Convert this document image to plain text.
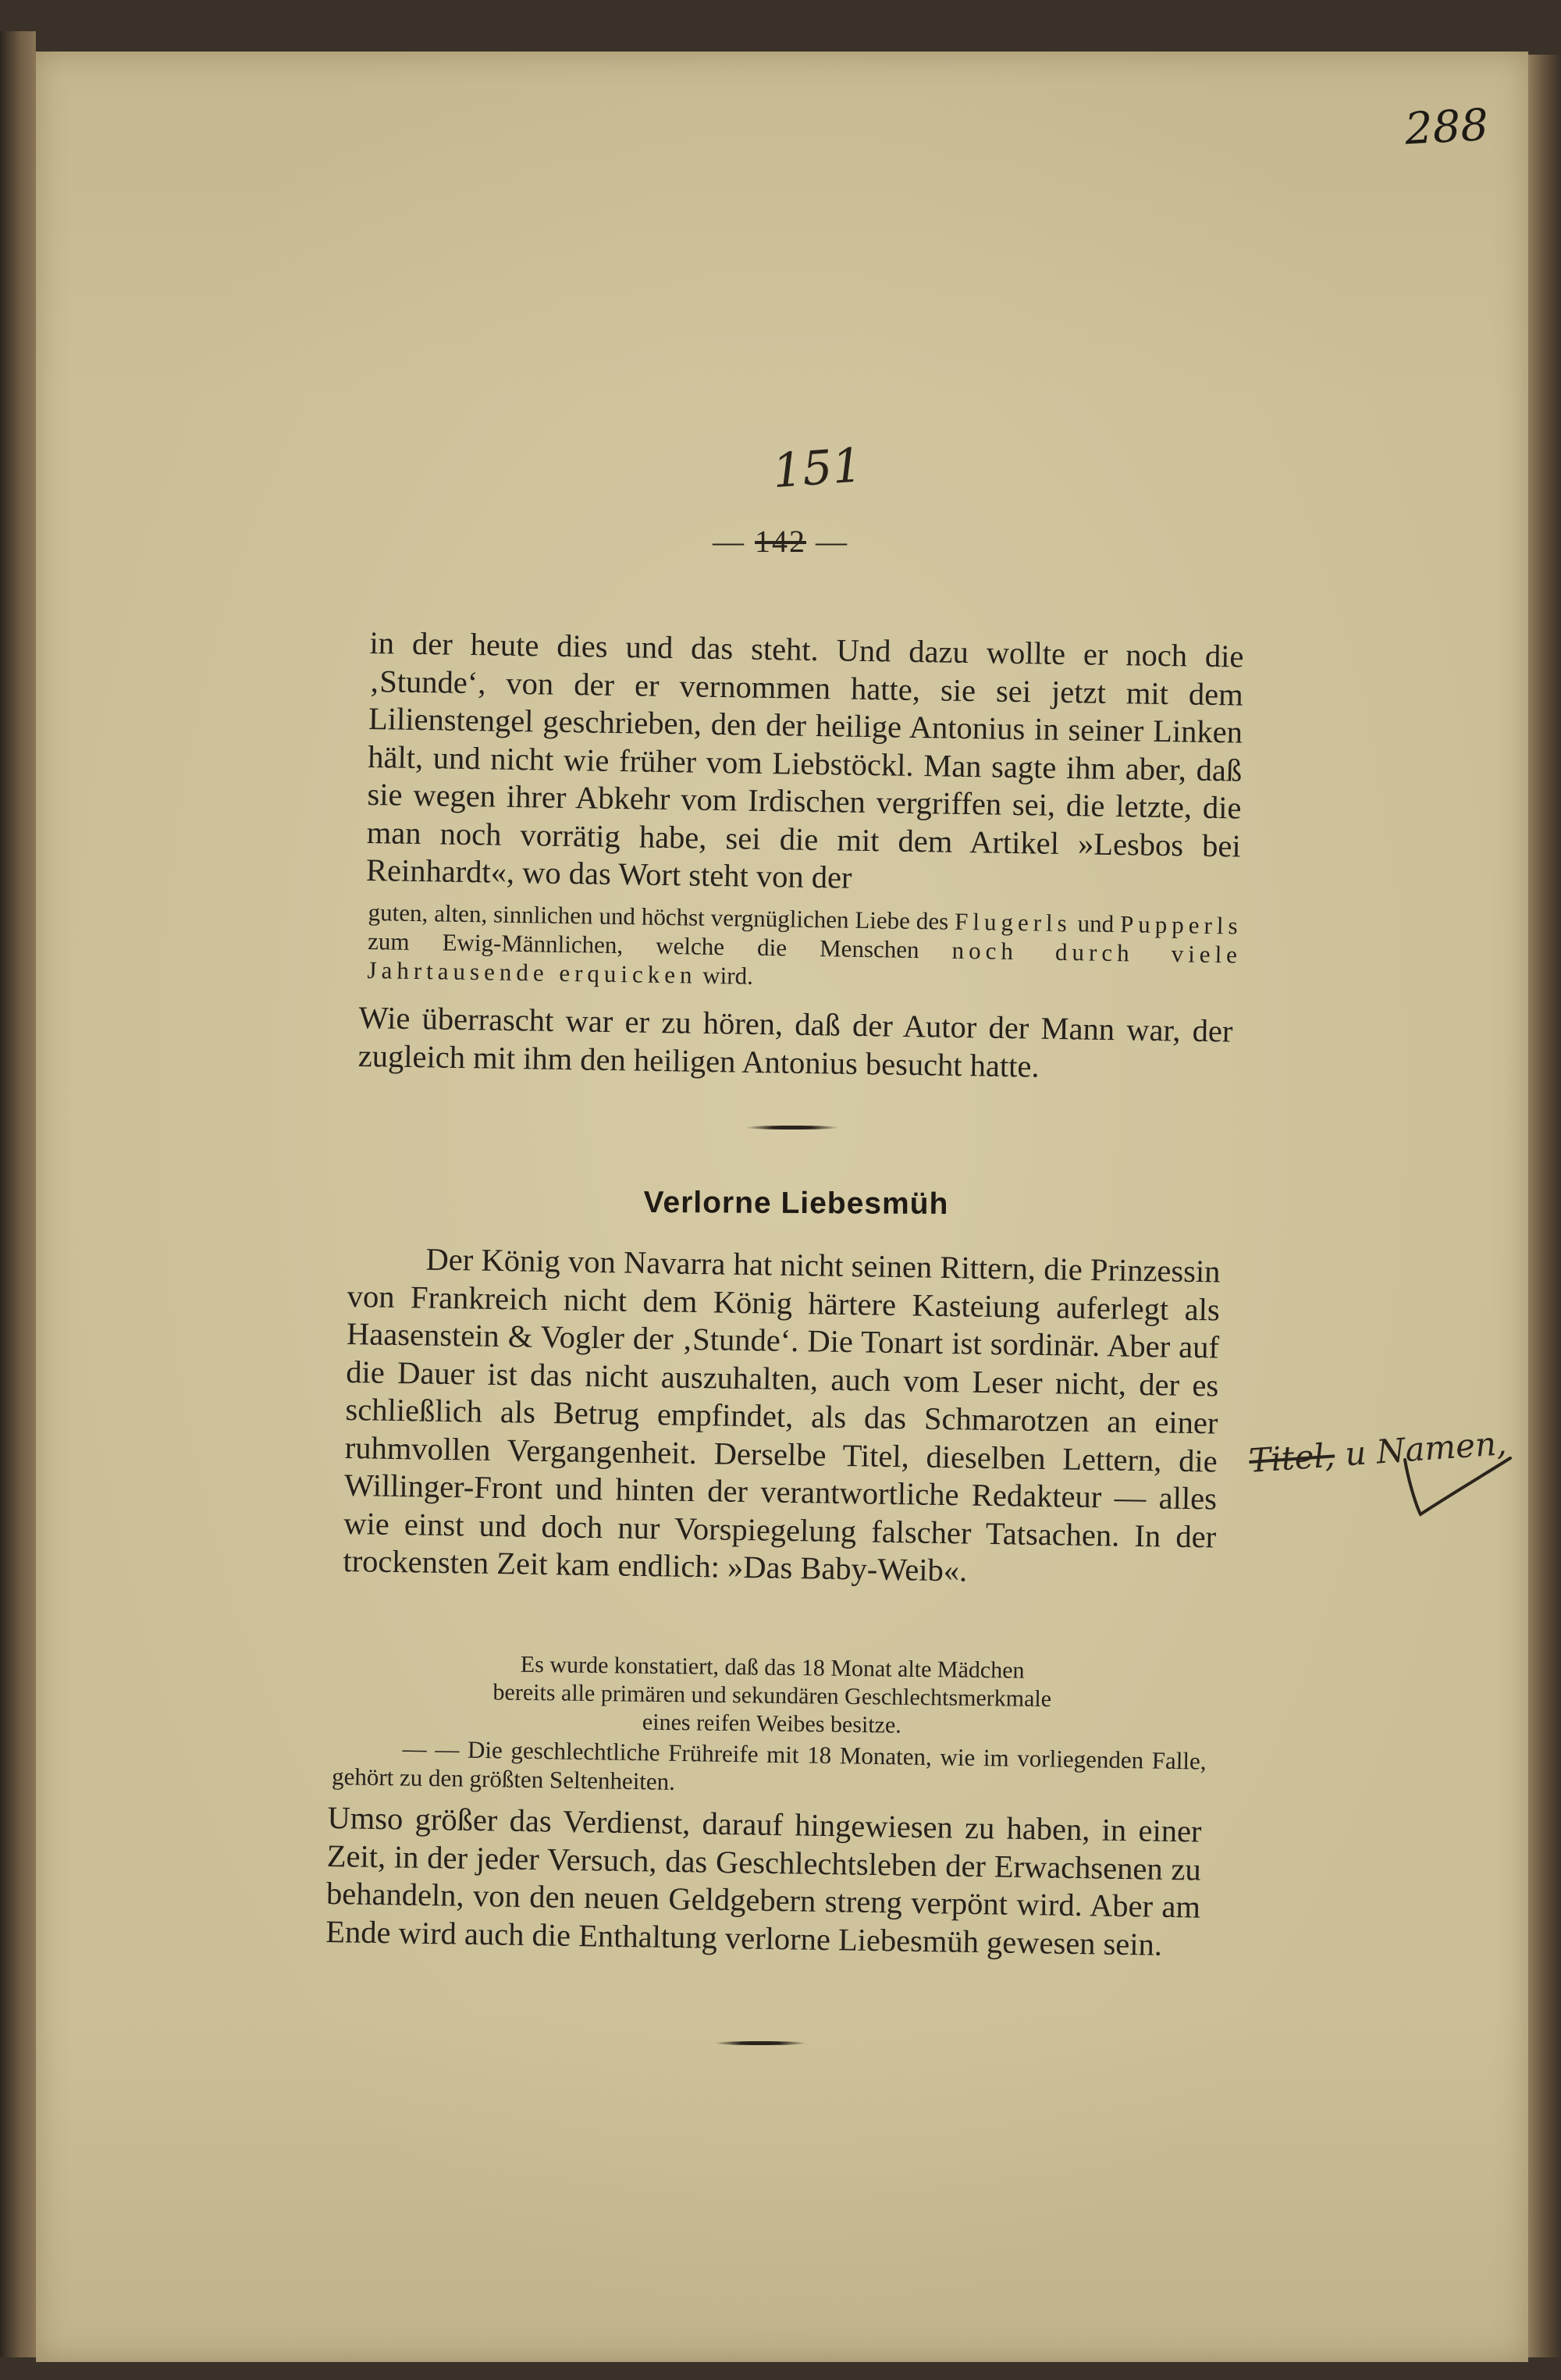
288
151
— 142 —
in der heute dies und das steht. Und dazu wollte er noch die ‚Stunde‘, von der er vernommen hatte, sie sei jetzt mit dem Lilienstengel geschrieben, den der heilige Antonius in seiner Linken hält, und nicht wie früher vom Liebstöckl. Man sagte ihm aber, daß sie wegen ihrer Abkehr vom Irdischen vergriffen sei, die letzte, die man noch vorrätig habe, sei die mit dem Artikel »Lesbos bei Reinhardt«, wo das Wort steht von der
guten, alten, sinnlichen und höchst vergnüglichen Liebe des Flugerls und Pupperls zum Ewig-Männlichen, welche die Menschen noch durch viele Jahrtausende erquicken wird.
Wie überrascht war er zu hören, daß der Autor der Mann war, der zugleich mit ihm den heiligen Antonius besucht hatte.
Verlorne Liebesmüh
Der König von Navarra hat nicht seinen Rittern, die Prinzessin von Frankreich nicht dem König härtere Kasteiung auferlegt als Haasenstein & Vogler der ‚Stunde‘. Die Tonart ist sordinär. Aber auf die Dauer ist das nicht auszuhalten, auch vom Leser nicht, der es schließlich als Betrug empfindet, als das Schmarotzen an einer ruhmvollen Vergangenheit. Derselbe Titel, dieselben Lettern, die Willinger-Front und hinten der verantwortliche Redakteur — alles wie einst und doch nur Vorspiegelung falscher Tatsachen. In der trockensten Zeit kam endlich: »Das Baby-Weib«.
Es wurde konstatiert, daß das 18 Monat alte Mädchen
bereits alle primären und sekundären Geschlechtsmerkmale
eines reifen Weibes besitze.
— — Die geschlechtliche Frühreife mit 18 Monaten, wie im vorliegenden Falle, gehört zu den größten Seltenheiten.
Umso größer das Verdienst, darauf hingewiesen zu haben, in einer Zeit, in der jeder Versuch, das Geschlechtsleben der Erwachsenen zu behandeln, von den neuen Geldgebern streng verpönt wird. Aber am Ende wird auch die Enthaltung verlorne Liebesmüh gewesen sein.
Titel, u Namen,
